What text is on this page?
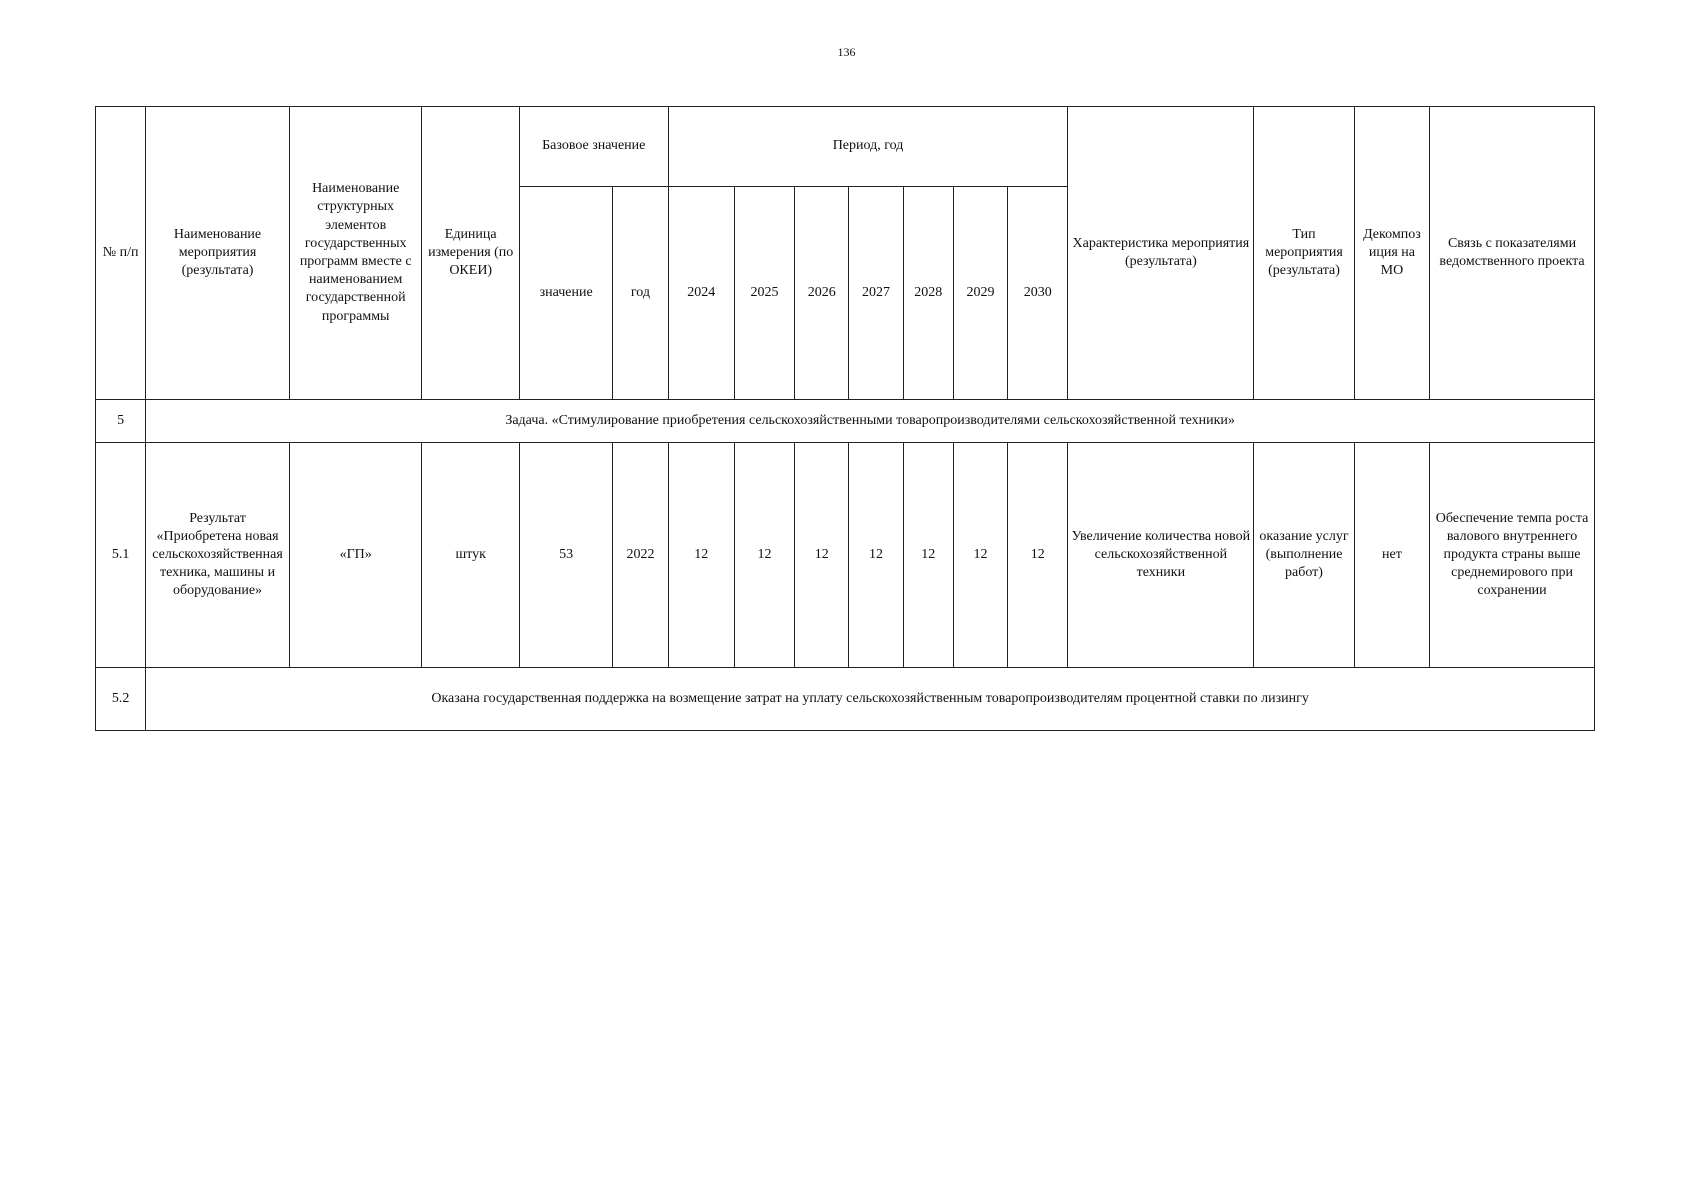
136
№ п/п	Наименование мероприятия (результата)	Наименование структурных элементов государственных программ вместе с наименованием государственной программы	Единица измерения (по ОКЕИ)	Базовое значение		Период, год							Характеристика мероприятия (результата)	Тип мероприятия (результата)	Декомпоз иция на МО	Связь с показателями ведомственного проекта
				значение	год	2024	2025	2026	2027	2028	2029	2030				
5	Задача. «Стимулирование приобретения сельскохозяйственными товаропроизводителями сельскохозяйственной техники»															
5.1	Результат «Приобретена новая сельскохозяйственная техника, машины и оборудование»	«ГП»	штук	53	2022	12	12	12	12	12	12	12	Увеличение количества новой сельскохозяйственной техники	оказание услуг (выполнение работ)	нет	Обеспечение темпа роста валового внутреннего продукта страны выше среднемирового при сохранении
5.2	Оказана государственная поддержка на возмещение затрат на уплату сельскохозяйственным товаропроизводителям процентной ставки по лизингу															
